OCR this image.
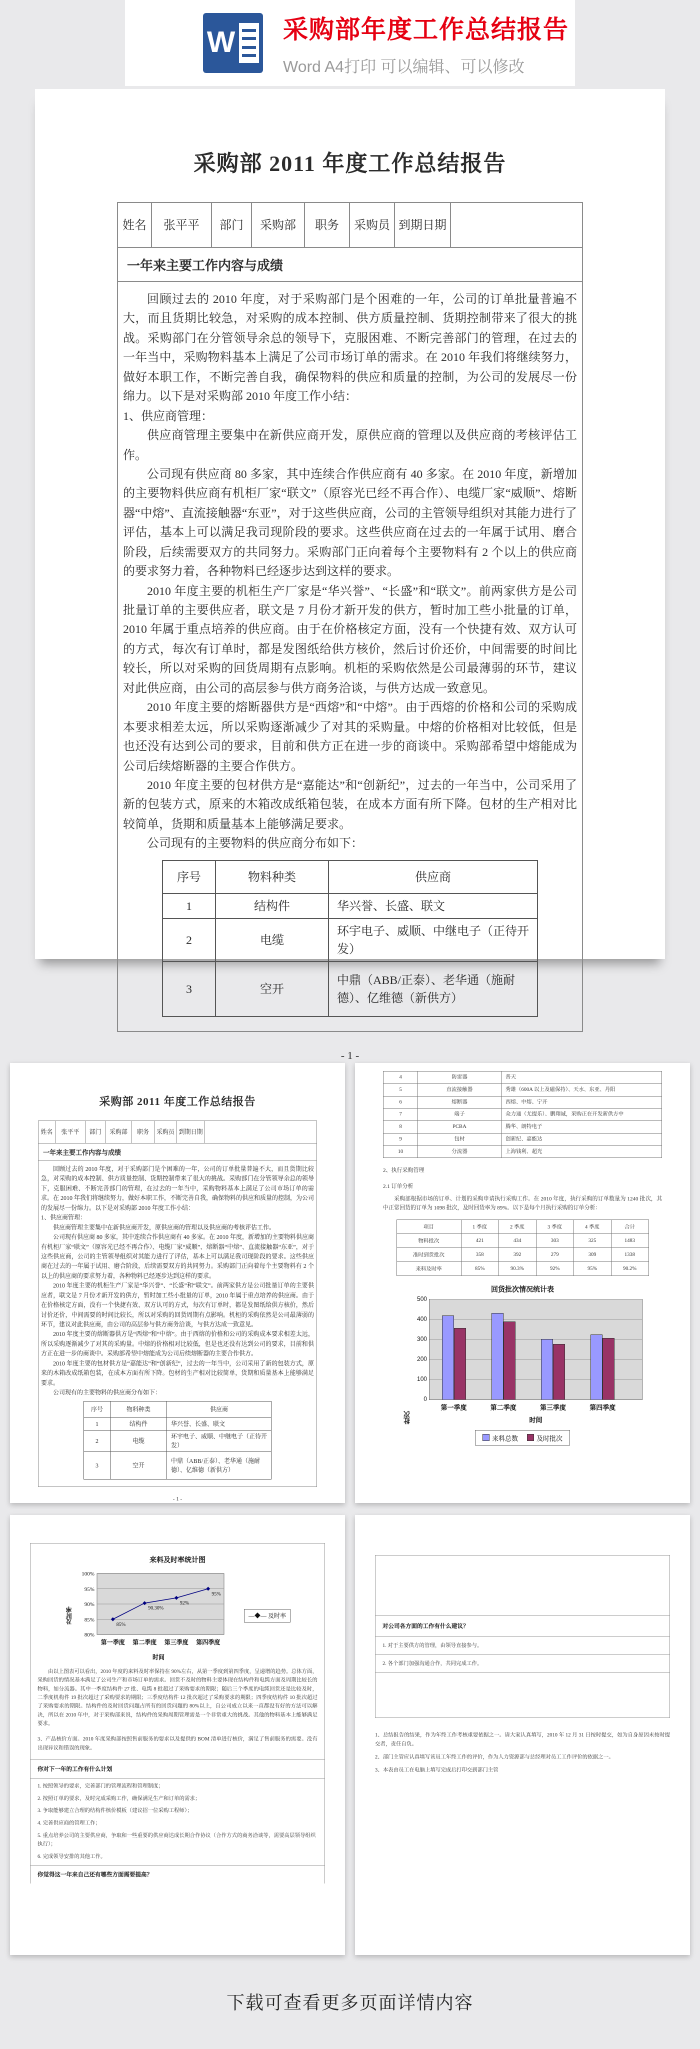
W 采购部年度工作总结报告
Word A4打印 可以编辑、可以修改
采购部 2011 年度工作总结报告
姓名	张平平	部门	采购部	职务	采购员 到期日期
一年来主要工作内容与成绩

回顾过去的 2010 年度，对于采购部门是个困难的一年，公司的订单批量普遍不大，而且货期比较急，对采购的成本控制、供方质量控制、货期控制带来了很大的挑战。采购部门在分管领导余总的领导下，克服困难、不断完善部门的管理，在过去的一年当中，采购物料基本上满足了公司市场订单的需求。在 2010 年我们将继续努力，做好本职工作，不断完善自我，确保物料的供应和质量的控制，为公司的发展尽一份绵力。以下是对采购部 2010 年度工作小结：

1、供应商管理：

供应商管理主要集中在新供应商开发，原供应商的管理以及供应商的考核评估工作。

公司现有供应商 80 多家，其中连续合作供应商有 40 多家。在 2010 年度，新增加的主要物料供应商有机柜厂家“联文”（原容光已经不再合作）、电缆厂家“威顺”、熔断器“中熔”、直流接触器“东亚”，对于这些供应商，公司的主管领导组织对其能力进行了评估，基本上可以满足我司现阶段的要求。这些供应商在过去的一年属于试用、磨合阶段，后续需要双方的共同努力。采购部门正向着每个主要物料有 2 个以上的供应商的要求努力着，各种物料已经逐步达到这样的要求。

2010 年度主要的机柜生产厂家是“华兴誉”、“长盛”和“联文”。前两家供方是公司批量订单的主要供应者，联文是 7 月份才新开发的供方，暂时加工些小批量的订单，2010 年属于重点培养的供应商。由于在价格核定方面，没有一个快捷有效、双方认可的方式，每次有订单时，都是发图纸给供方核价，然后讨价还价，中间需要的时间比较长，所以对采购的回货周期有点影响。机柜的采购依然是公司最薄弱的环节，建议对此供应商，由公司的高层参与供方商务洽谈，与供方达成一致意见。

2010 年度主要的熔断器供方是“西熔”和“中熔”。由于西熔的价格和公司的采购成本要求相差太远，所以采购逐渐减少了对其的采购量。中熔的价格相对比较低，但是也还没有达到公司的要求，目前和供方正在进一步的商谈中。采购部希望中熔能成为公司后续熔断器的主要合作供方。

2010 年度主要的包材供方是“嘉能达”和“创新纪”，过去的一年当中，公司采用了新的包装方式，原来的木箱改成纸箱包装，在成本方面有所下降。包材的生产相对比较简单，货期和质量基本上能够满足要求。

公司现有的主要物料的供应商分布如下：

序号	物料种类	供应商
1	结构件	华兴誉、长盛、联文
2	电缆	环宇电子、威顺、中继电子（正待开发）
3	空开	中鼎（ABB/正泰）、老华通（施耐德）、亿维德（新供方）
- 1 -
采购部 2011 年度工作总结报告
姓名 张平平 部门 采购部 职务 采购员 到期日期
一年来主要工作内容与成绩

回顾过去的 2010 年度，对于采购部门是个困难的一年，公司的订单批量普遍不大，而且货期比较急，对采购的成本控制、供方质量控制、货期控制带来了很大的挑战。采购部门在分管领导余总的领导下，克服困难、不断完善部门的管理，在过去的一年当中，采购物料基本上满足了公司市场订单的需求。在 2010 年我们将继续努力，做好本职工作，不断完善自我，确保物料的供应和质量的控制，为公司的发展尽一份绵力。以下是对采购部 2010 年度工作小结：

1、供应商管理：

供应商管理主要集中在新供应商开发，原供应商的管理以及供应商的考核评估工作。

公司现有供应商 80 多家，其中连续合作供应商有 40 多家。在 2010 年度，新增加的主要物料供应商有机柜厂家“联文”（原容光已经不再合作）、电缆厂家“威顺”、熔断器“中熔”、直流接触器“东亚”，对于这些供应商，公司的主管领导组织对其能力进行了评估，基本上可以满足我司现阶段的要求。这些供应商在过去的一年属于试用、磨合阶段，后续需要双方的共同努力。采购部门正向着每个主要物料有 2 个以上的供应商的要求努力着，各种物料已经逐步达到这样的要求。

2010 年度主要的机柜生产厂家是“华兴誉”、“长盛”和“联文”。前两家供方是公司批量订单的主要供应者，联文是 7 月份才新开发的供方，暂时加工些小批量的订单，2010 年属于重点培养的供应商。由于在价格核定方面，没有一个快捷有效、双方认可的方式，每次有订单时，都是发图纸给供方核价，然后讨价还价，中间需要的时间比较长，所以对采购的回货周期有点影响。机柜的采购依然是公司最薄弱的环节，建议对此供应商，由公司的高层参与供方商务洽谈，与供方达成一致意见。

2010 年度主要的熔断器供方是“西熔”和“中熔”。由于西熔的价格和公司的采购成本要求相差太远，所以采购逐渐减少了对其的采购量。中熔的价格相对比较低，但是也还没有达到公司的要求，目前和供方正在进一步的商谈中。采购部希望中熔能成为公司后续熔断器的主要合作供方。

2010 年度主要的包材供方是“嘉能达”和“创新纪”，过去的一年当中，公司采用了新的包装方式，原来的木箱改成纸箱包装，在成本方面有所下降。包材的生产相对比较简单，货期和质量基本上能够满足要求。

公司现有的主要物料的供应商分布如下：

序号	物料种类	供应商
1	结构件	华兴誉、长盛、联文
2	电缆	环宇电子、威顺、中继电子（正待开发）
3	空开	中鼎（ABB/正泰）、老华通（施耐德）、亿维德（新供方）
- 1 -
4	防雷器	普天
5	直流接触器	秀雄（600A 以上及磁保持）、天水、东亚、丹阳
6	熔断器	西熔、中熔、宁开
7	端子	众力通（尤提乐）、鹏翔诚，采购正在开发新供方中
8	PCBA	腾华、朗特电子
9	包材	创新纪、嘉能达
10	分流器	上海钱利、超光

2、执行采购管理

2.1 订单分析

采购部根据市场的订单、计划的采购申请执行采购工作。在 2010 年度，执行采购的订单数量为 1240 批次，其中正常回货的订单为 1098 批次，及时回货率为 89%。以下是每个月执行采购的订单分析：

项目	1 季度	2 季度	3 季度	4 季度	合计
物料批次	421	434	303	325	1483
准时到货批次	358	392	279	309	1338
来料及时率	85%	90.3%	92%	95%	90.2%
回货批次情况统计表
批次
0
100
200
300
400
500
第一季度	第二季度	第三季度	第四季度
时间
来料总数	及时批次
来料及时率统计图
及时率
80%
85%
90%
95%
100%
第一季度 第二季度 第三季度 第四季度
85%
90.30%
92%
95%
时间
—◆— 及时率

由以上图表可以看出，2010 年度的来料及时率保持在 90%左右，从第一季度到第四季度，呈递增的趋势。总体方面，采购回货的情况基本满足了公司生产和市场订单的需求。回货不及时的物料主要体现在结构件和电缆方面及周期比较长的物料，如分流器。其中一季度结构件 27 批、电缆 8 批超过了采购要求的期限；随后三个季度的电缆回货还是比较及时，二季度机构件 19 批次超过了采购要求的期限；三季度结构件 12 批次超过了采购要求的期限；四季度结构件 10 批次超过了采购要求的期限。结构件的及时回货问题占所有的回货问题的 80%以上，自公司成立以来一直都没有好的方法可以解决，所以在 2010 年中，对于采购部来说，结构件的采购周期管理需是一个非常重大的挑战。其他的物料基本上能够满足要求。

3、产品核价方面。2010 年度采购部按照售前服务的要求以及提供的 BOM 清单进行核价，满足了售前服务的需要。没有出现异议和错误的现象。

你对下一年的工作有什么计划
1. 按照领导的要求，完善部门的管理流程和管理制度；
2. 按照订单的要求，及时完成采购工作，确保满足生产和订单的需求；
3. 争取能够建立合理的结构件核价模板（建议招一位采购工程师）；
4. 完善供应商的管理工作；
5. 重点培养公司的主要供应商，争取和一些重要的供应商达成长期合作协议（合作方式的商务洽谈等，需要高层领导组织执行）；
6. 完成领导安排的其他工作。
你觉得这一年来自己还有哪些方面需要提高？
对公司各方面的工作有什么建议？
1. 对于主要供方的管理，由领导直接参与。
2. 各个部门加强沟通合作，共同完成工作。
1、总结报告的结果，作为年终工作考核重要依据之一。请大家认真填写，2010 年 12 月 31 日按时提交，如为自身原因未按时提交者，责任自负。
2、部门主管应认真填写该员工年终工作的评价，作为人力资源部与总经理对员工工作评价的依据之一。
3、本表由员工在电脑上填写完成后打印交到部门主管
下载可查看更多页面详情内容
